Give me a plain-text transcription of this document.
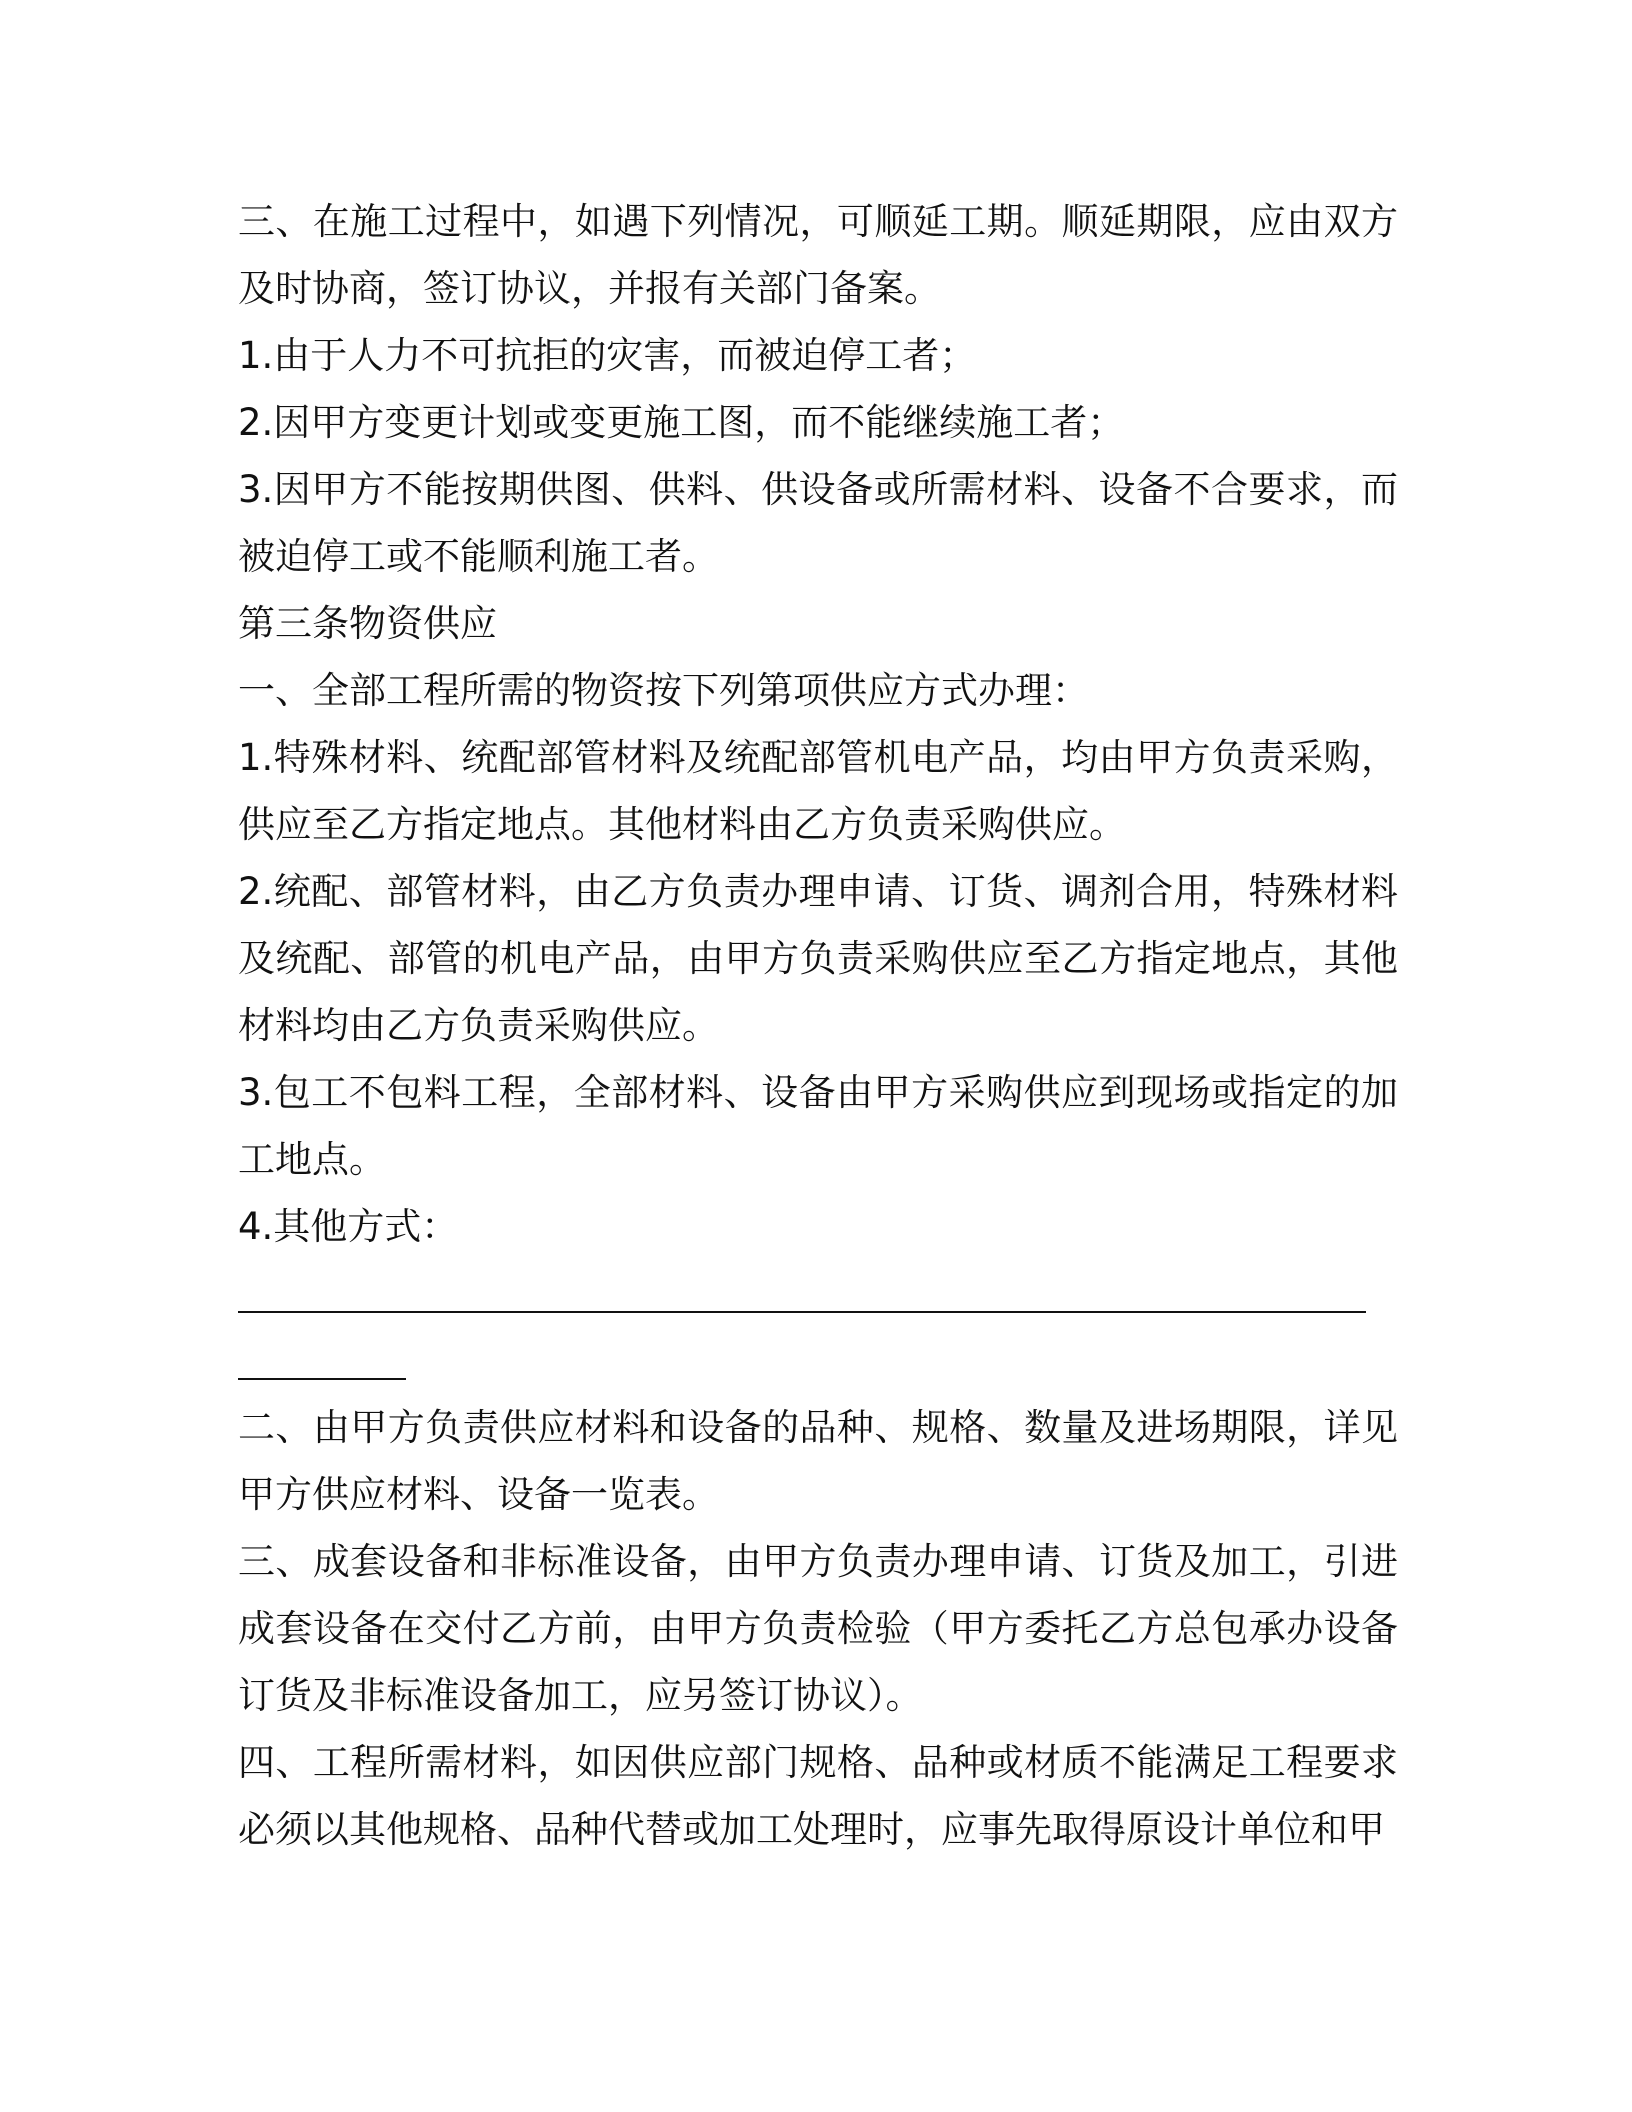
三、在施工过程中，如遇下列情况，可顺延工期。顺延期限，应由双方及时协商，签订协议，并报有关部门备案。

1.由于人力不可抗拒的灾害，而被迫停工者；

2.因甲方变更计划或变更施工图，而不能继续施工者；

3.因甲方不能按期供图、供料、供设备或所需材料、设备不合要求，而被迫停工或不能顺利施工者。

第三条物资供应

一、全部工程所需的物资按下列第项供应方式办理：

1.特殊材料、统配部管材料及统配部管机电产品，均由甲方负责采购，供应至乙方指定地点。其他材料由乙方负责采购供应。

2.统配、部管材料，由乙方负责办理申请、订货、调剂合用，特殊材料及统配、部管的机电产品，由甲方负责采购供应至乙方指定地点，其他材料均由乙方负责采购供应。

3.包工不包料工程，全部材料、设备由甲方采购供应到现场或指定的加工地点。

4.其他方式：

二、由甲方负责供应材料和设备的品种、规格、数量及进场期限，详见甲方供应材料、设备一览表。

三、成套设备和非标准设备，由甲方负责办理申请、订货及加工，引进成套设备在交付乙方前，由甲方负责检验（甲方委托乙方总包承办设备订货及非标准设备加工，应另签订协议）。

四、工程所需材料，如因供应部门规格、品种或材质不能满足工程要求必须以其他规格、品种代替或加工处理时，应事先取得原设计单位和甲
